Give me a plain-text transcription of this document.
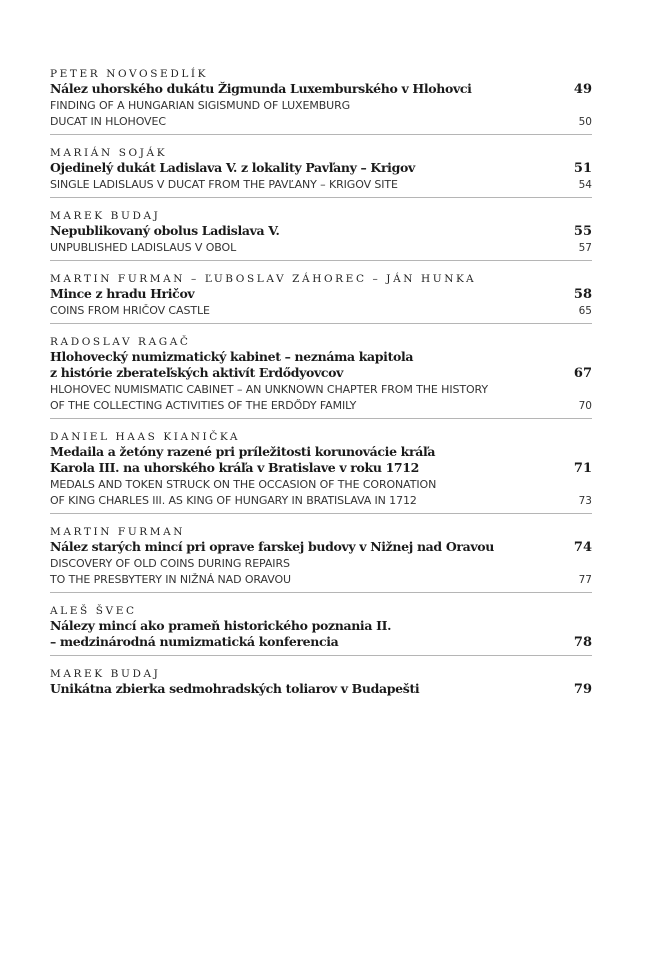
PETER NOVOSEDLÍK
Nález uhorského dukátu Žigmunda Luxemburského v Hlohovci	49
FINDING OF A HUNGARIAN SIGISMUND OF LUXEMBURG
DUCAT IN HLOHOVEC	50
MARIÁN SOJÁK
Ojedinelý dukát Ladislava V. z lokality Pavľany – Krigov	51
SINGLE LADISLAUS V DUCAT FROM THE PAVĽANY – KRIGOV SITE	54
MAREK BUDAJ
Nepublikovaný obolus Ladislava V.	55
UNPUBLISHED LADISLAUS V OBOL	57
MARTIN FURMAN – ĽUBOSLAV ZÁHOREC – JÁN HUNKA
Mince z hradu Hričov	58
COINS FROM HRIČOV CASTLE	65
RADOSLAV RAGAČ
Hlohovecký numizmatický kabinet – neznáma kapitola
z histórie zberateľských aktivít Erdődyovcov	67
HLOHOVEC NUMISMATIC CABINET – AN UNKNOWN CHAPTER FROM THE HISTORY
OF THE COLLECTING ACTIVITIES OF THE ERDŐDY FAMILY	70
DANIEL HAAS KIANIČKA
Medaila a žetóny razené pri príležitosti korunovácie kráľa
Karola III. na uhorského kráľa v Bratislave v roku 1712	71
MEDALS AND TOKEN STRUCK ON THE OCCASION OF THE CORONATION
OF KING CHARLES III. AS KING OF HUNGARY IN BRATISLAVA IN 1712	73
MARTIN FURMAN
Nález starých mincí pri oprave farskej budovy v Nižnej nad Oravou	74
DISCOVERY OF OLD COINS DURING REPAIRS
TO THE PRESBYTERY IN NIŽNÁ NAD ORAVOU	77
ALEŠ ŠVEC
Nálezy mincí ako prameň historického poznania II.
– medzinárodná numizmatická konferencia	78
MAREK BUDAJ
Unikátna zbierka sedmohradských toliarov v Budapešti	79
